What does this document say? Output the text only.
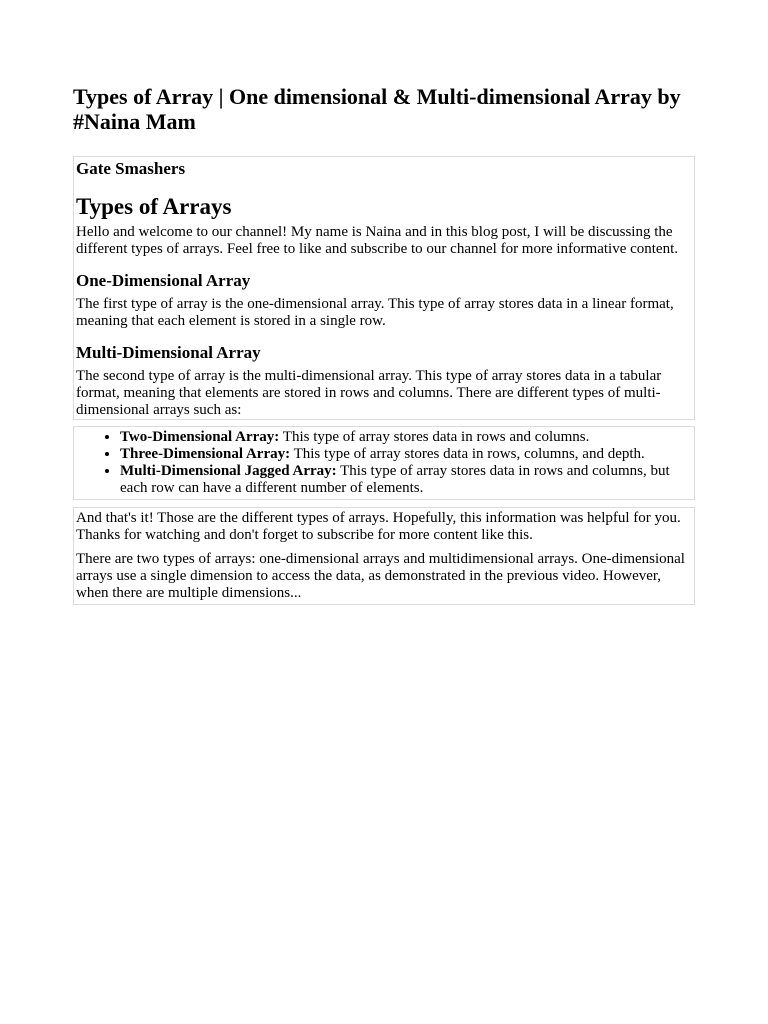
Types of Array | One dimensional & Multi-dimensional Array by #Naina Mam
Gate Smashers
Types of Arrays

Hello and welcome to our channel! My name is Naina and in this blog post, I will be discussing the different types of arrays. Feel free to like and subscribe to our channel for more informative content.

One-Dimensional Array

The first type of array is the one-dimensional array. This type of array stores data in a linear format, meaning that each element is stored in a single row.

Multi-Dimensional Array

The second type of array is the multi-dimensional array. This type of array stores data in a tabular format, meaning that elements are stored in rows and columns. There are different types of multi-dimensional arrays such as:

• Two-Dimensional Array: This type of array stores data in rows and columns.
• Three-Dimensional Array: This type of array stores data in rows, columns, and depth.
• Multi-Dimensional Jagged Array: This type of array stores data in rows and columns, but each row can have a different number of elements.

And that's it! Those are the different types of arrays. Hopefully, this information was helpful for you. Thanks for watching and don't forget to subscribe for more content like this.

There are two types of arrays: one-dimensional arrays and multidimensional arrays. One-dimensional arrays use a single dimension to access the data, as demonstrated in the previous video. However, when there are multiple dimensions...
